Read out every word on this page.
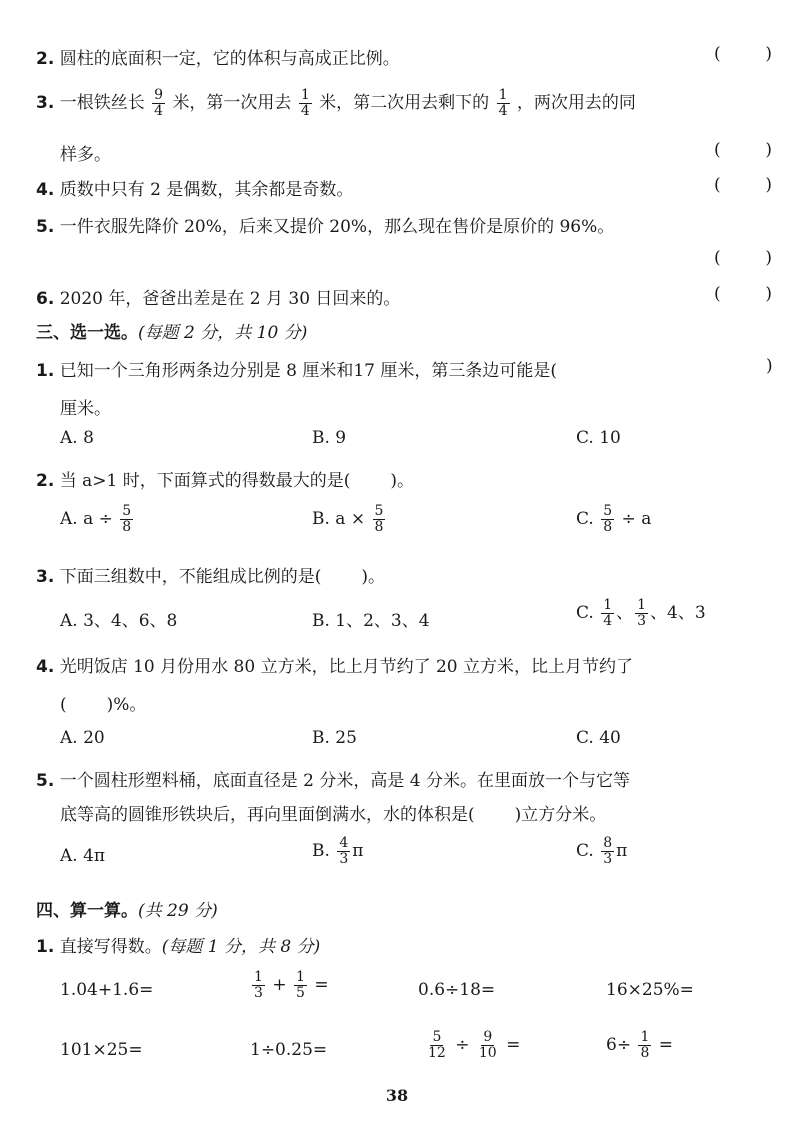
2. 圆柱的底面积一定，它的体积与高成正比例。	(	)
3. 一根铁丝长 $\frac{9}{4}$ 米，第一次用去 $\frac{1}{4}$ 米，第二次用去剩下的 $\frac{1}{4}$ ，两次用去的同
样多。	(	)
4. 质数中只有 2 是偶数，其余都是奇数。	(	)
5. 一件衣服先降价 20%，后来又提价 20%，那么现在售价是原价的 96%。
(	)
6. 2020 年，爸爸出差是在 2 月 30 日回来的。	(	)
三、选一选。(每题 2 分，共 10 分)
1. 已知一个三角形两条边分别是 8 厘米和17 厘米，第三条边可能是(	)
厘米。
A. 8	B. 9	C. 10
2. 当 a>1 时，下面算式的得数最大的是( )。
A. $a \div \frac{5}{8}$	B. $a \times \frac{5}{8}$	C. $\frac{5}{8} \div a$
3. 下面三组数中，不能组成比例的是( )。
A. 3、4、6、8	B. 1、2、3、4	C. $\frac{1}{4}$ 、 $\frac{1}{3}$ 、4、3
4. 光明饭店 10 月份用水 80 立方米，比上月节约了 20 立方米，比上月节约了
( )%。
A. 20	B. 25	C. 40
5. 一个圆柱形塑料桶，底面直径是 2 分米，高是 4 分米。在里面放一个与它等
底等高的圆锥形铁块后，再向里面倒满水，水的体积是( )立方分米。
A. 4π	B. $\frac{4}{3}$ π	C. $\frac{8}{3}$ π
四、算一算。(共 29 分)
1. 直接写得数。(每题 1 分，共 8 分)
1.04+1.6=	$\frac{1}{3} + \frac{1}{5}$ =	0.6÷18=	16×25%=
101×25=	1÷0.25=	$\frac{5}{12} \div \frac{9}{10}$ =	$6\div \frac{1}{8}$ =
38
